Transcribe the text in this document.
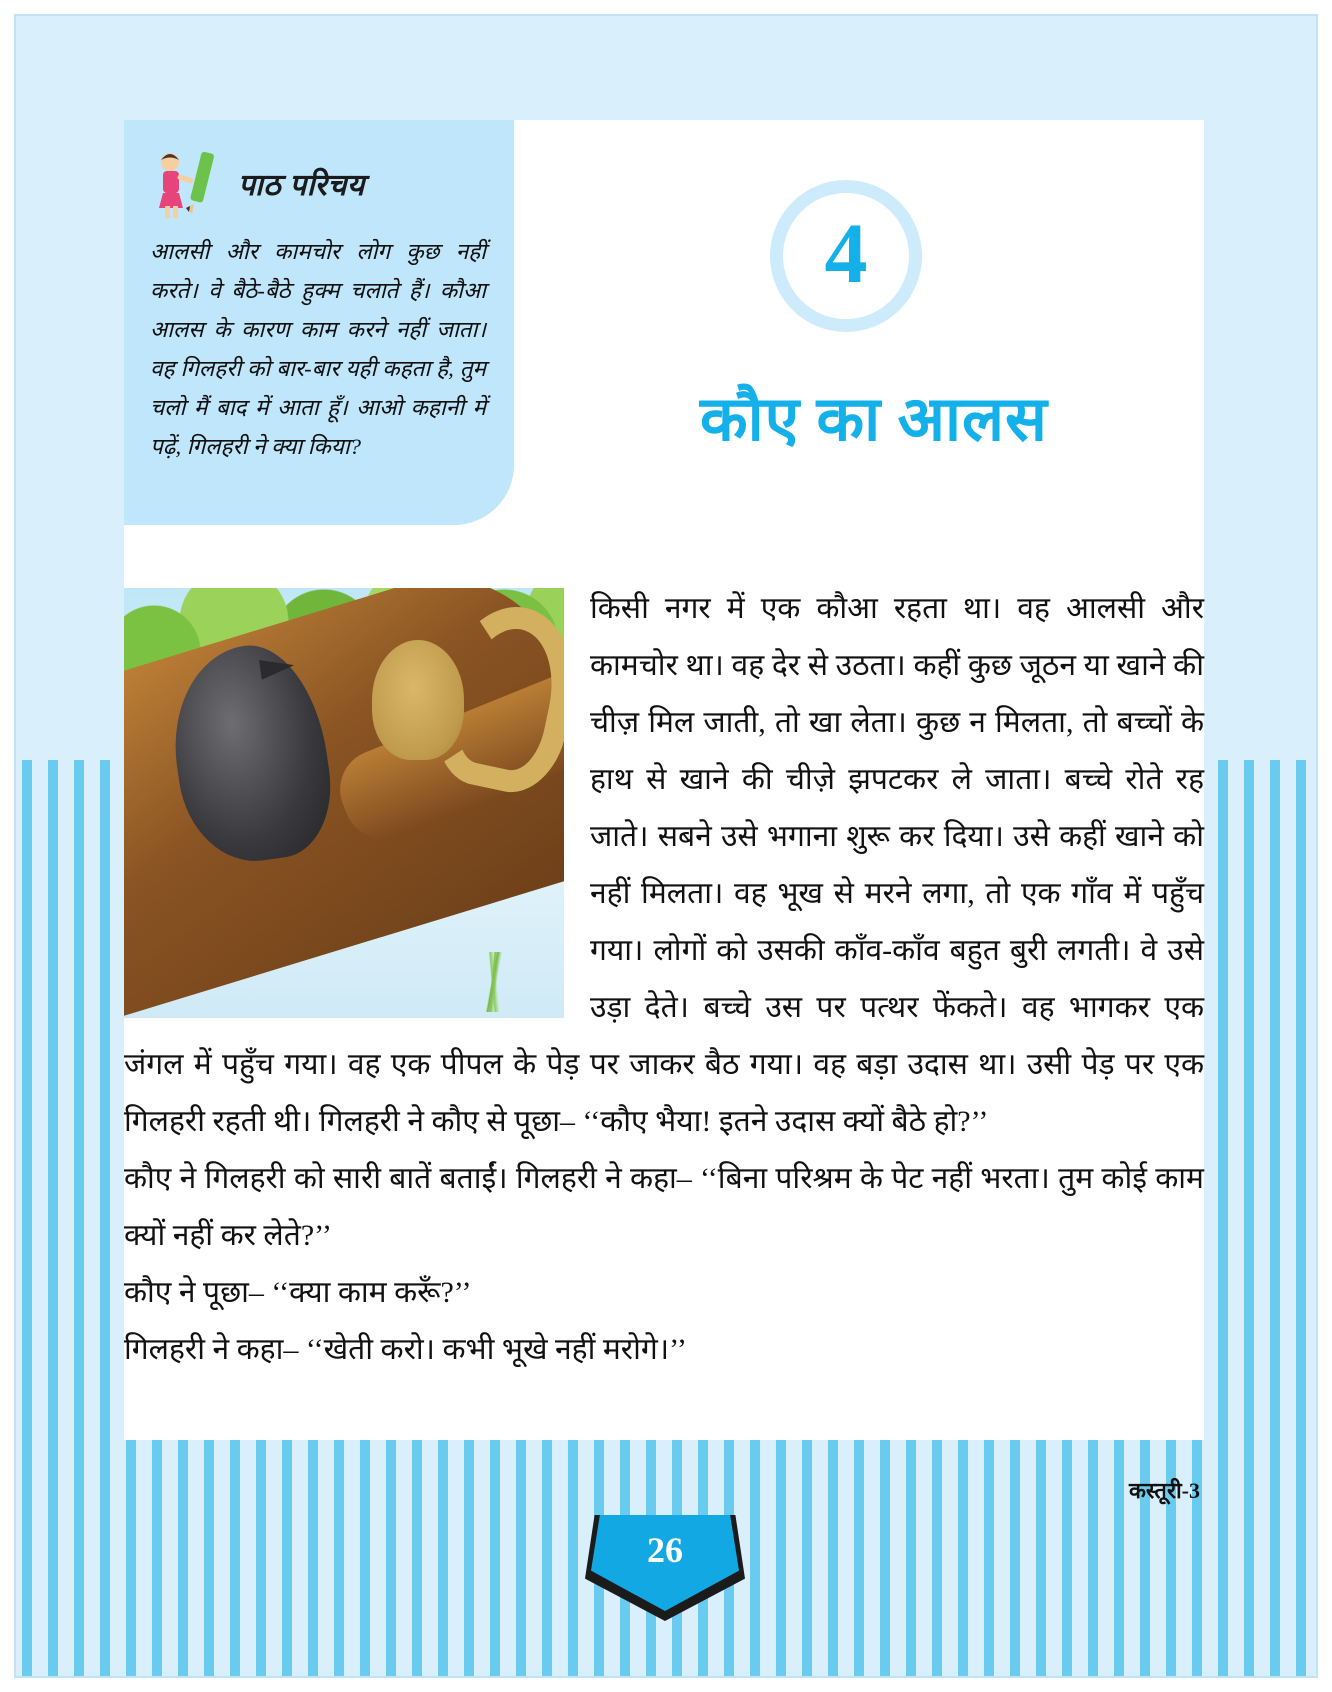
पाठ परिचय
आलसी और कामचोर लोग कुछ नहीं करते। वे बैठे-बैठे हुक्म चलाते हैं। कौआ आलस के कारण काम करने नहीं जाता। वह गिलहरी को बार-बार यही कहता है, तुम चलो मैं बाद में आता हूँ। आओ कहानी में पढ़ें, गिलहरी ने क्या किया?
4
कौए का आलस

किसी नगर में एक कौआ रहता था। वह आलसी और कामचोर था। वह देर से उठता। कहीं कुछ जूठन या खाने की चीज़ मिल जाती, तो खा लेता। कुछ न मिलता, तो बच्चों के हाथ से खाने की चीज़े झपटकर ले जाता। बच्चे रोते रह जाते। सबने उसे भगाना शुरू कर दिया। उसे कहीं खाने को नहीं मिलता। वह भूख से मरने लगा, तो एक गाँव में पहुँच गया। लोगों को उसकी काँव-काँव बहुत बुरी लगती। वे उसे उड़ा देते। बच्चे उस पर पत्थर फेंकते। वह भागकर एक जंगल में पहुँच गया। वह एक पीपल के पेड़ पर जाकर बैठ गया। वह बड़ा उदास था। उसी पेड़ पर एक गिलहरी रहती थी। गिलहरी ने कौए से पूछा– ‘‘कौए भैया! इतने उदास क्यों बैठे हो?’’

कौए ने गिलहरी को सारी बातें बताईं। गिलहरी ने कहा– ‘‘बिना परिश्रम के पेट नहीं भरता। तुम कोई काम क्यों नहीं कर लेते?’’

कौए ने पूछा– ‘‘क्या काम करूँ?’’

गिलहरी ने कहा– ‘‘खेती करो। कभी भूखे नहीं मरोगे।’’

कस्तूरी-3
26
